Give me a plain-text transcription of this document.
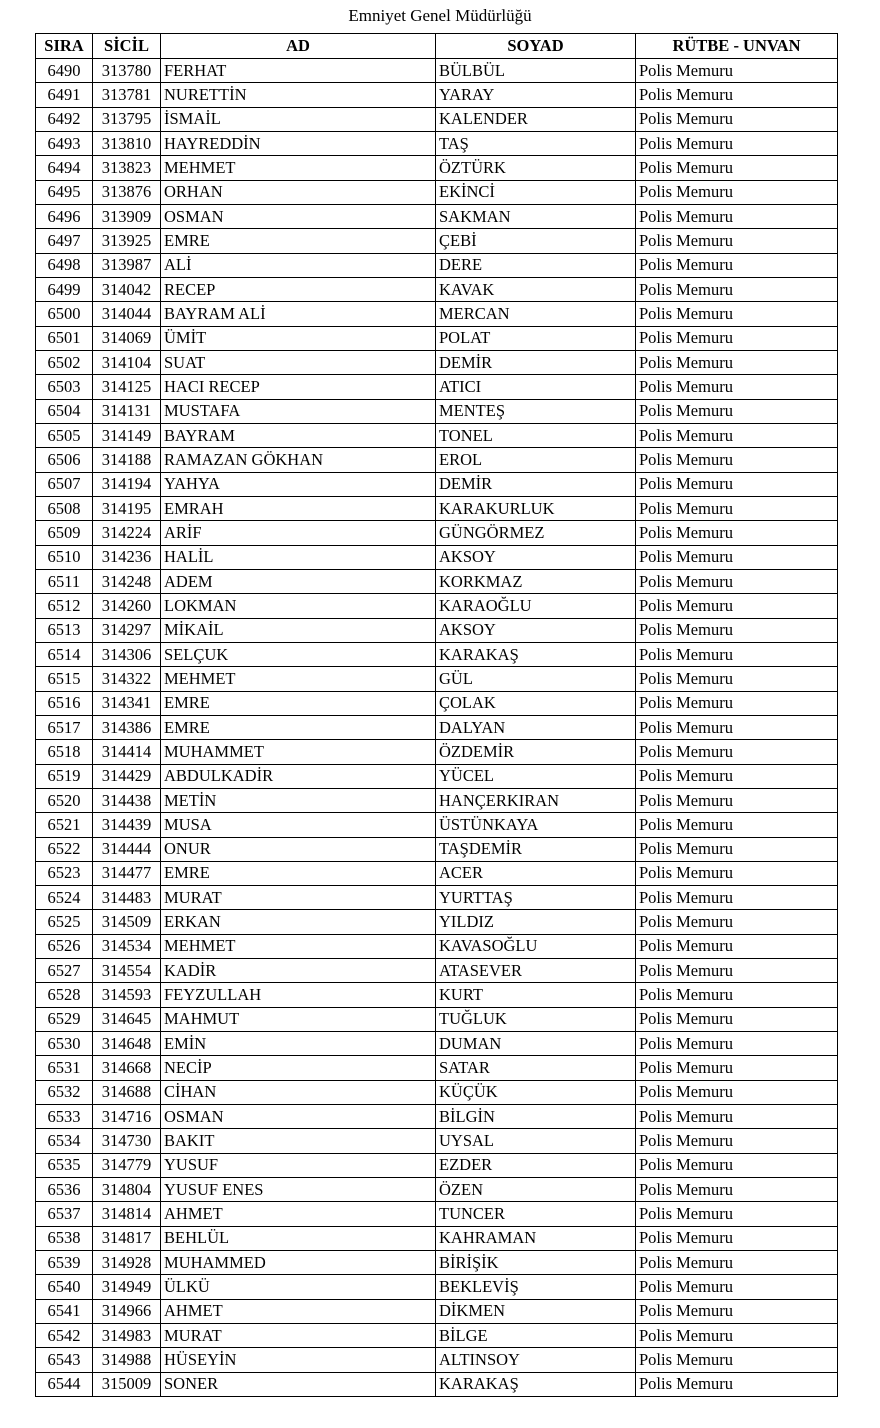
Emniyet Genel Müdürlüğü
SIRA	SİCİL	AD	SOYAD	RÜTBE - UNVAN
6490	313780	FERHAT	BÜLBÜL	Polis Memuru
6491	313781	NURETTİN	YARAY	Polis Memuru
6492	313795	İSMAİL	KALENDER	Polis Memuru
6493	313810	HAYREDDİN	TAŞ	Polis Memuru
6494	313823	MEHMET	ÖZTÜRK	Polis Memuru
6495	313876	ORHAN	EKİNCİ	Polis Memuru
6496	313909	OSMAN	SAKMAN	Polis Memuru
6497	313925	EMRE	ÇEBİ	Polis Memuru
6498	313987	ALİ	DERE	Polis Memuru
6499	314042	RECEP	KAVAK	Polis Memuru
6500	314044	BAYRAM ALİ	MERCAN	Polis Memuru
6501	314069	ÜMİT	POLAT	Polis Memuru
6502	314104	SUAT	DEMİR	Polis Memuru
6503	314125	HACI RECEP	ATICI	Polis Memuru
6504	314131	MUSTAFA	MENTEŞ	Polis Memuru
6505	314149	BAYRAM	TONEL	Polis Memuru
6506	314188	RAMAZAN GÖKHAN	EROL	Polis Memuru
6507	314194	YAHYA	DEMİR	Polis Memuru
6508	314195	EMRAH	KARAKURLUK	Polis Memuru
6509	314224	ARİF	GÜNGÖRMEZ	Polis Memuru
6510	314236	HALİL	AKSOY	Polis Memuru
6511	314248	ADEM	KORKMAZ	Polis Memuru
6512	314260	LOKMAN	KARAOĞLU	Polis Memuru
6513	314297	MİKAİL	AKSOY	Polis Memuru
6514	314306	SELÇUK	KARAKAŞ	Polis Memuru
6515	314322	MEHMET	GÜL	Polis Memuru
6516	314341	EMRE	ÇOLAK	Polis Memuru
6517	314386	EMRE	DALYAN	Polis Memuru
6518	314414	MUHAMMET	ÖZDEMİR	Polis Memuru
6519	314429	ABDULKADİR	YÜCEL	Polis Memuru
6520	314438	METİN	HANÇERKIRAN	Polis Memuru
6521	314439	MUSA	ÜSTÜNKAYA	Polis Memuru
6522	314444	ONUR	TAŞDEMİR	Polis Memuru
6523	314477	EMRE	ACER	Polis Memuru
6524	314483	MURAT	YURTTAŞ	Polis Memuru
6525	314509	ERKAN	YILDIZ	Polis Memuru
6526	314534	MEHMET	KAVASOĞLU	Polis Memuru
6527	314554	KADİR	ATASEVER	Polis Memuru
6528	314593	FEYZULLAH	KURT	Polis Memuru
6529	314645	MAHMUT	TUĞLUK	Polis Memuru
6530	314648	EMİN	DUMAN	Polis Memuru
6531	314668	NECİP	SATAR	Polis Memuru
6532	314688	CİHAN	KÜÇÜK	Polis Memuru
6533	314716	OSMAN	BİLGİN	Polis Memuru
6534	314730	BAKIT	UYSAL	Polis Memuru
6535	314779	YUSUF	EZDER	Polis Memuru
6536	314804	YUSUF ENES	ÖZEN	Polis Memuru
6537	314814	AHMET	TUNCER	Polis Memuru
6538	314817	BEHLÜL	KAHRAMAN	Polis Memuru
6539	314928	MUHAMMED	BİRİŞİK	Polis Memuru
6540	314949	ÜLKÜ	BEKLEVİŞ	Polis Memuru
6541	314966	AHMET	DİKMEN	Polis Memuru
6542	314983	MURAT	BİLGE	Polis Memuru
6543	314988	HÜSEYİN	ALTINSOY	Polis Memuru
6544	315009	SONER	KARAKAŞ	Polis Memuru
